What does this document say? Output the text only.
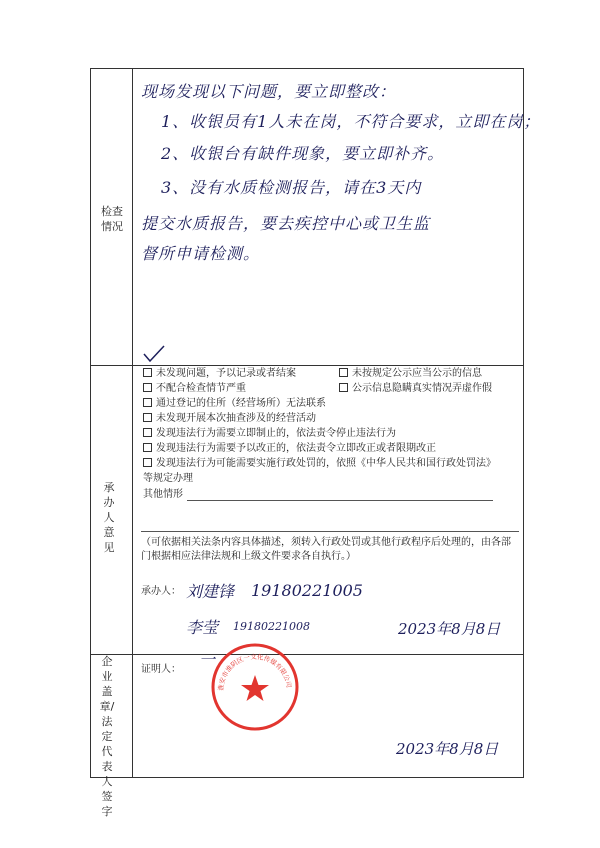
检查情况
现场发现以下问题，要立即整改：
1、收银员有1人未在岗，不符合要求，立即在岗；
2、收银台有缺件现象，要立即补齐。
3、没有水质检测报告，请在3天内
提交水质报告，要去疾控中心或卫生监
督所申请检测。
承办人意见
未发现问题，予以记录或者结案	未按规定公示应当公示的信息
不配合检查情节严重	公示信息隐瞒真实情况弄虚作假
通过登记的住所（经营场所）无法联系
未发现开展本次抽查涉及的经营活动
发现违法行为需要立即制止的，依法责令停止违法行为
发现违法行为需要予以改正的，依法责令立即改正或者限期改正
发现违法行为可能需要实施行政处罚的，依照《中华人民共和国行政处罚法》
等规定办理
其他情形
（可依据相关法条内容具体描述，须转入行政处罚或其他行政程序后处理的，由各部门根据相应法律法规和上级文件要求各自执行。）
承办人： 刘建锋 19180221005
李莹 19180221008	2023年8月8日
企业盖章/法定代表人签字
证明人：
淮安市淮阴区一文化传媒有限公司
一
2023年8月8日
